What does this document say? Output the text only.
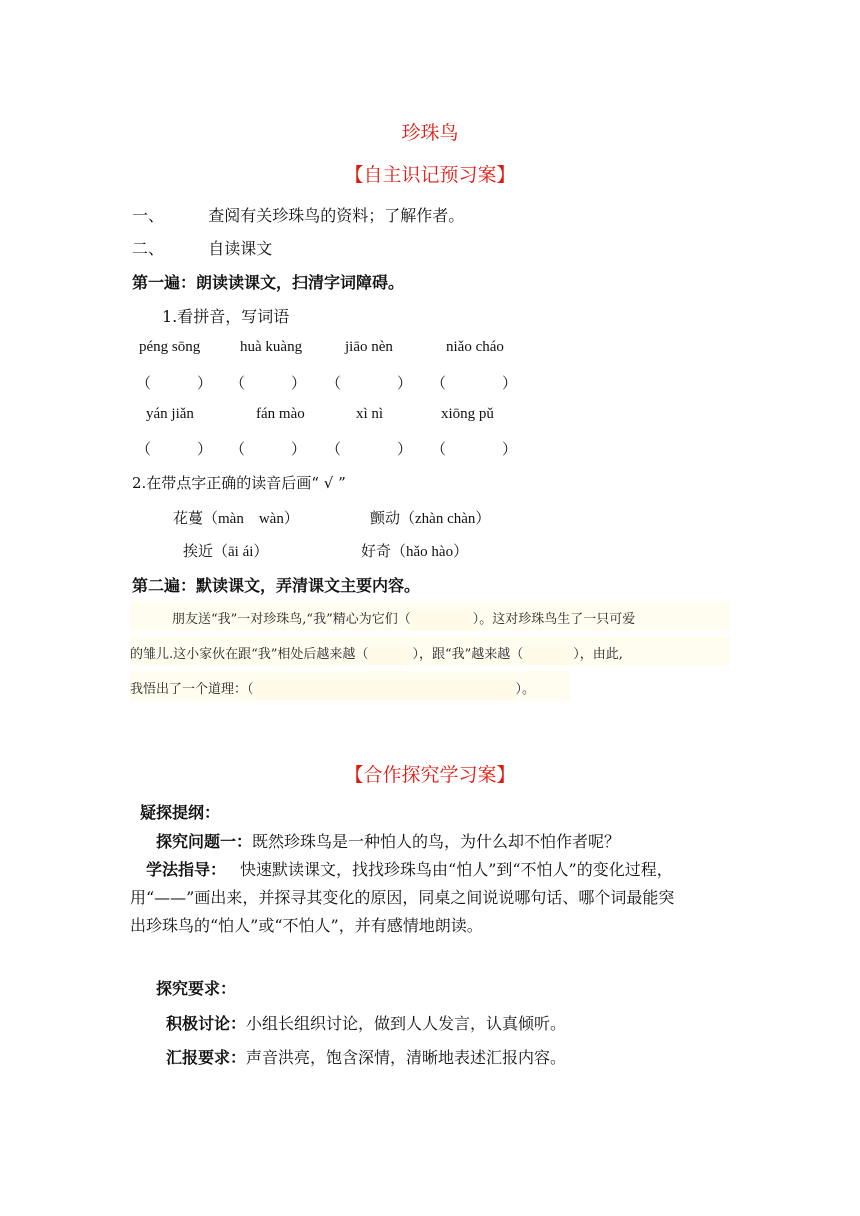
珍珠鸟
【自主识记预习案】
一、	查阅有关珍珠鸟的资料；了解作者。
二、	自读课文
第一遍：朗读读课文，扫清字词障碍。
1.看拼音，写词语
péng sōng	huà kuàng	jiāo nèn	niǎo cháo
（	） （	） （	） （	）
yán jiǎn	fán mào	xì nì	xiōng pǔ
（	） （	） （	） （	）
2.在带点字正确的读音后画“ √ ”
花蔓（màn　wàn）	颤动（zhàn chàn）
挨近（āi ái）	好奇（hǎo hào）
第二遍：默读课文，弄清课文主要内容。
朋友送“我”一对珍珠鸟,“我”精心为它们（	）。这对珍珠鸟生了一只可爱
的雏儿.这小家伙在跟“我”相处后越来越（	），跟“我”越来越（	），由此,
我悟出了一个道理：（	）。
【合作探究学习案】
疑探提纲：
探究问题一：既然珍珠鸟是一种怕人的鸟，为什么却不怕作者呢？
学法指导： 快速默读课文，找找珍珠鸟由“怕人”到“不怕人”的变化过程，
用“——”画出来，并探寻其变化的原因，同桌之间说说哪句话、哪个词最能突
出珍珠鸟的“怕人”或“不怕人”，并有感情地朗读。
探究要求：
积极讨论：小组长组织讨论，做到人人发言，认真倾听。
汇报要求：声音洪亮，饱含深情，清晰地表述汇报内容。
